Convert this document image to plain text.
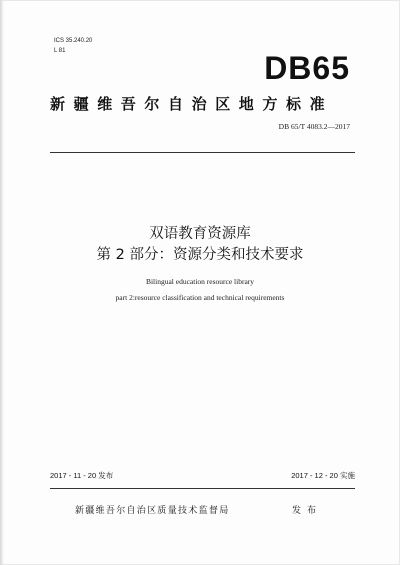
ICS 35.240.20
L 81	DB65
新疆维吾尔自治区地方标准
DB 65/T 4083.2—2017
双语教育资源库
第 2 部分：资源分类和技术要求
Bilingual education resource library
part 2:resource classification and technical requirements
2017 - 11 - 20 发布	2017 - 12 - 20 实施
新疆维吾尔自治区质量技术监督局	发布
